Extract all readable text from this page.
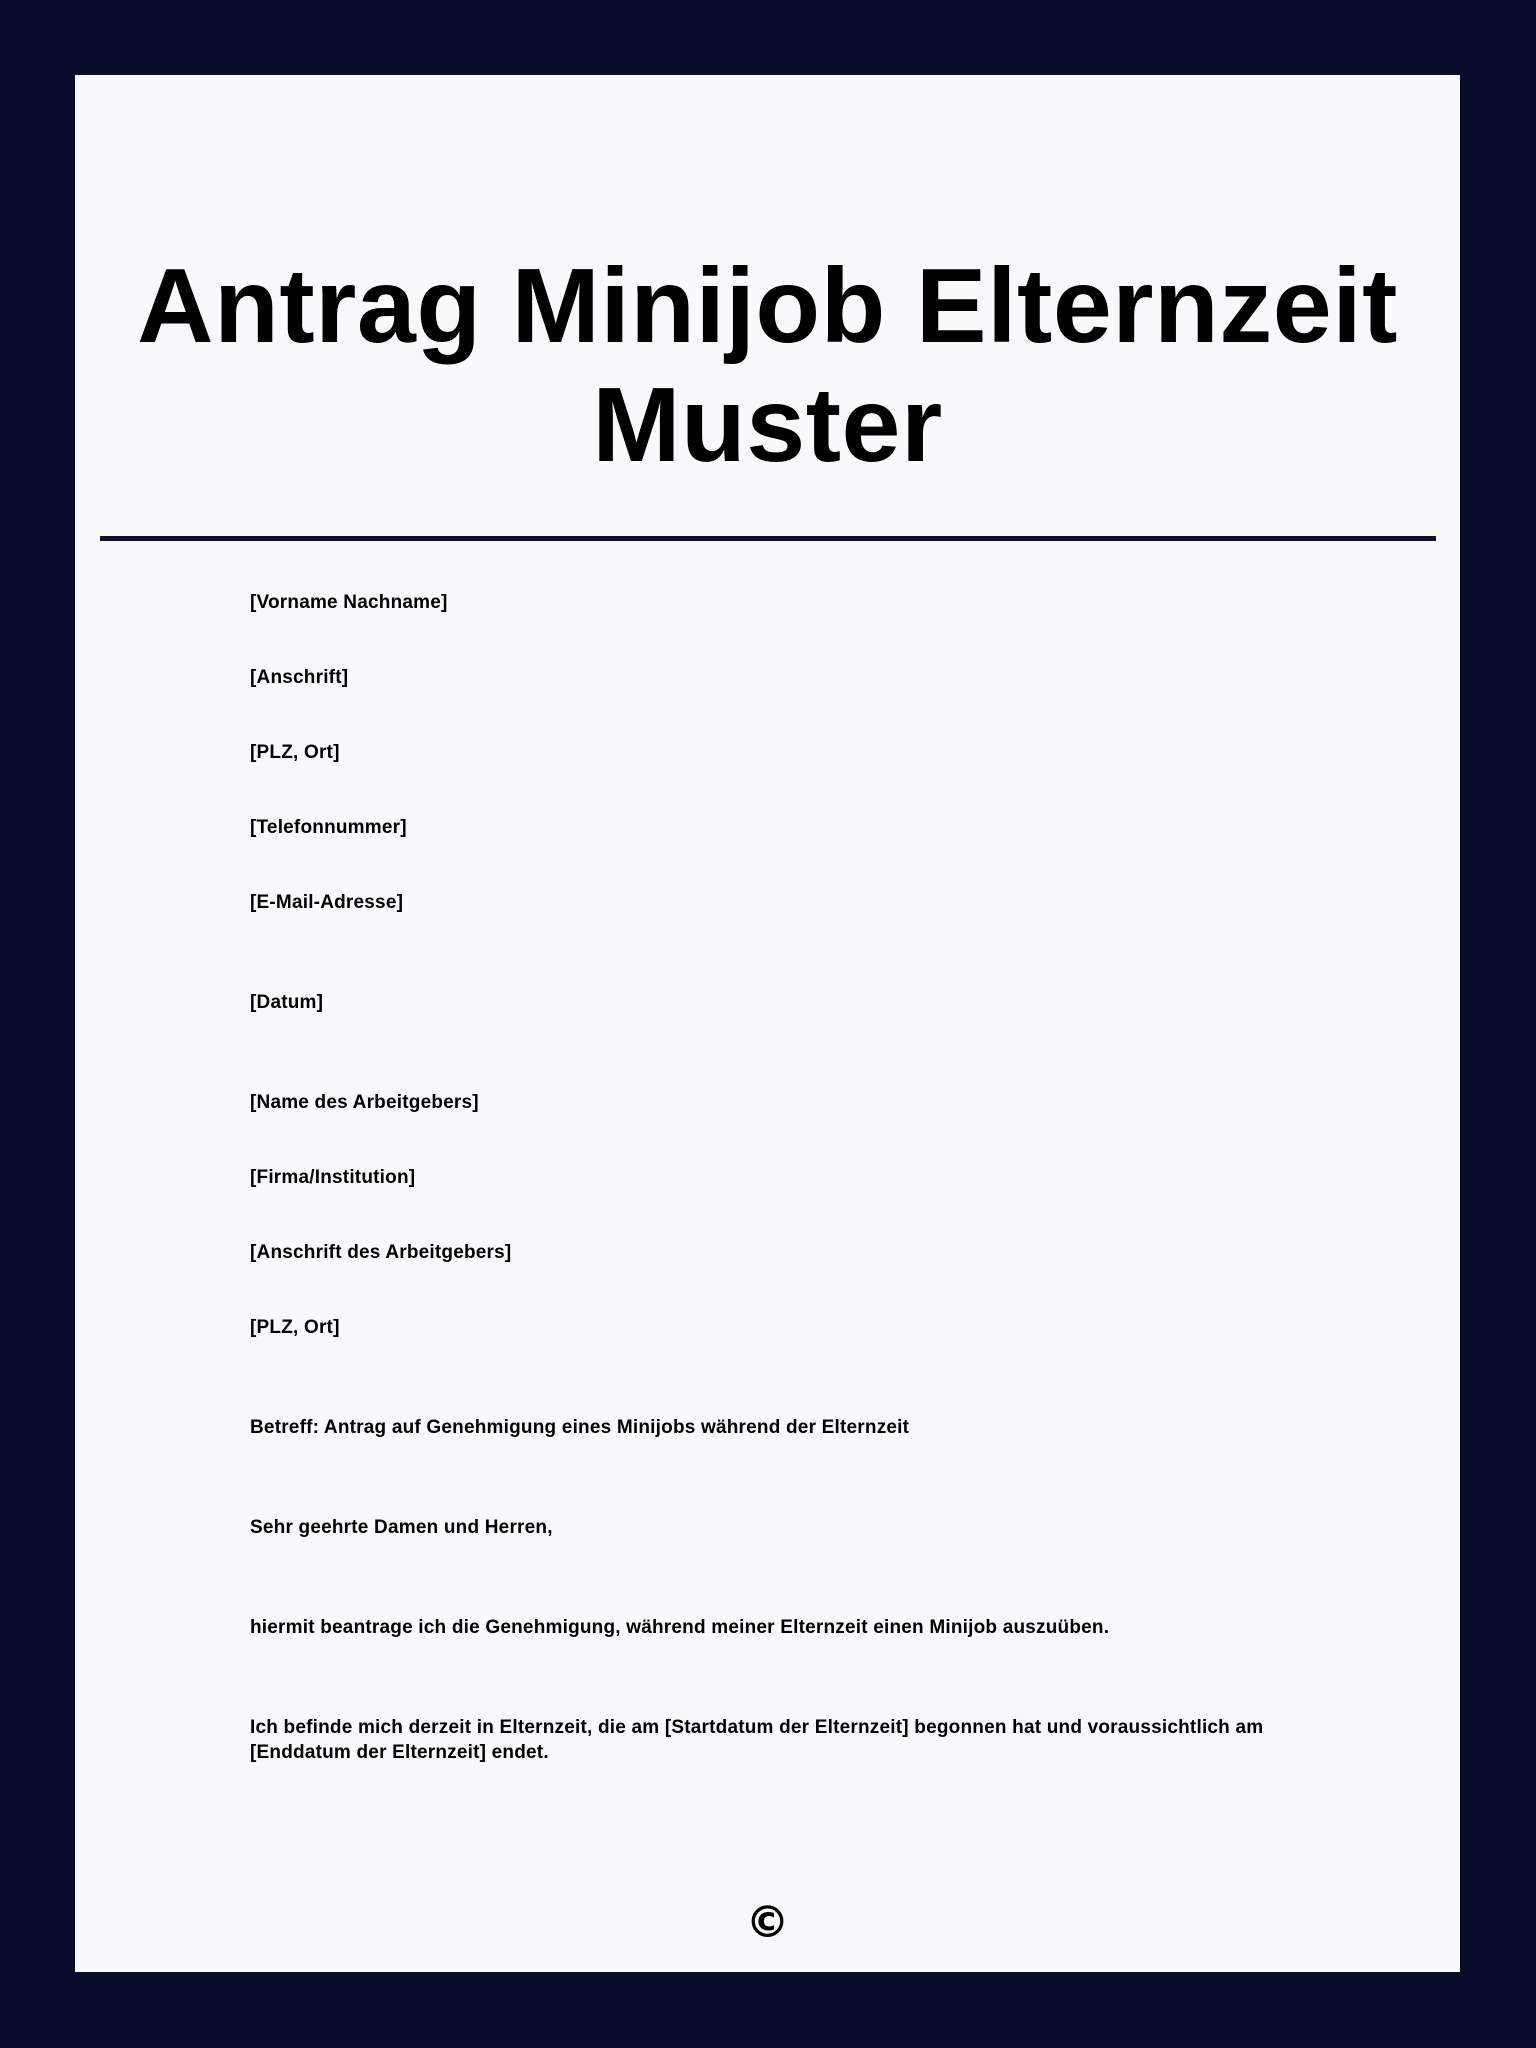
Antrag Minijob Elternzeit
Muster

[Vorname Nachname]

[Anschrift]

[PLZ, Ort]

[Telefonnummer]

[E-Mail-Adresse]

[Datum]

[Name des Arbeitgebers]

[Firma/Institution]

[Anschrift des Arbeitgebers]

[PLZ, Ort]

Betreff: Antrag auf Genehmigung eines Minijobs während der Elternzeit

Sehr geehrte Damen und Herren,

hiermit beantrage ich die Genehmigung, während meiner Elternzeit einen Minijob auszuüben.

Ich befinde mich derzeit in Elternzeit, die am [Startdatum der Elternzeit] begonnen hat und voraussichtlich am [Enddatum der Elternzeit] endet.

©
